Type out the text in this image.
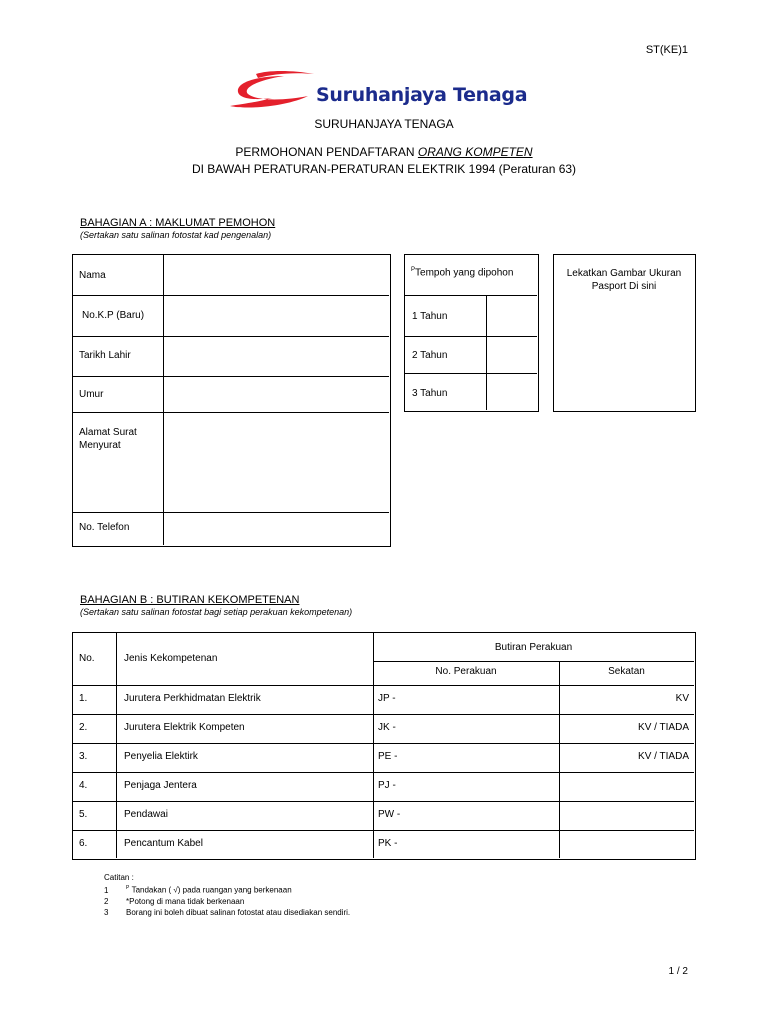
ST(KE)1
Suruhanjaya Tenaga
SURUHANJAYA TENAGA
PERMOHONAN PENDAFTARAN ORANG KOMPETEN
DI BAWAH PERATURAN-PERATURAN ELEKTRIK 1994 (Peraturan 63)
BAHAGIAN A : MAKLUMAT PEMOHON
(Sertakan satu salinan fotostat kad pengenalan)
Nama
No.K.P (Baru)
Tarikh Lahir
Umur
Alamat Surat Menyurat
No. Telefon
$^P$Tempoh yang dipohon
1 Tahun
2 Tahun
3 Tahun
Lekatkan Gambar Ukuran Pasport Di sini
BAHAGIAN B : BUTIRAN KEKOMPETENAN
(Sertakan satu salinan fotostat bagi setiap perakuan kekompetenan)
No.	Jenis Kekompetenan
Butiran Perakuan
No. Perakuan	Sekatan
1.	Jurutera Perkhidmatan Elektrik	JP -	KV
2.	Jurutera Elektrik Kompeten	JK -	KV / TIADA
3.	Penyelia Elektirk	PE -	KV / TIADA
4.	Penjaga Jentera	PJ -
5.	Pendawai	PW -
6.	Pencantum Kabel	PK -
Catitan :
1	$^P$ Tandakan ( √) pada ruangan yang berkenaan
2 *Potong di mana tidak berkenaan
3 Borang ini boleh dibuat salinan fotostat atau disediakan sendiri.
1 / 2
